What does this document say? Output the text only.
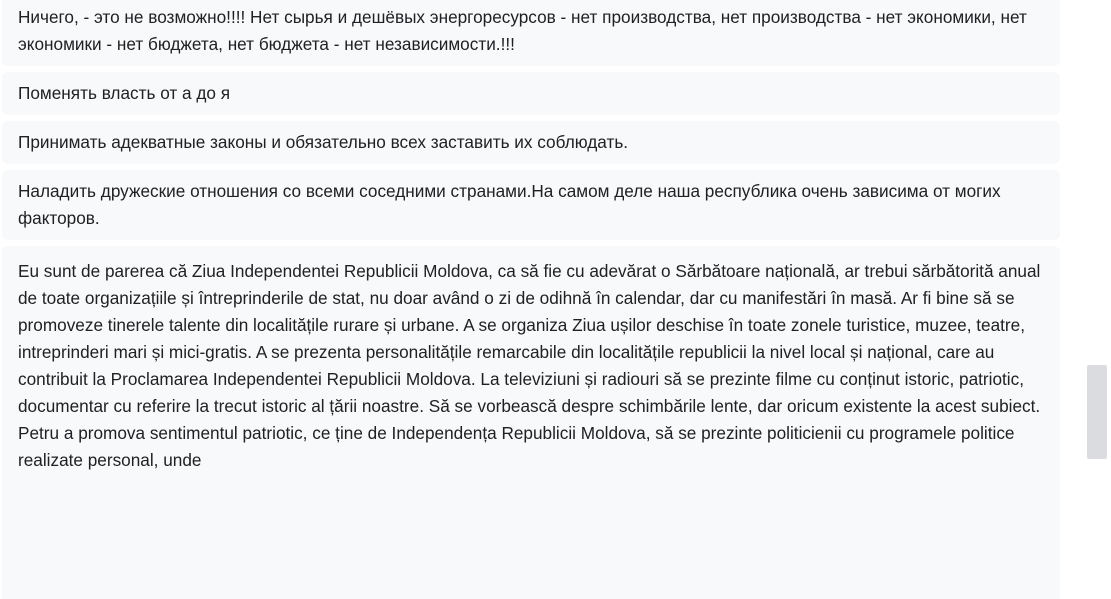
Ничего, - это не возможно!!!! Нет сырья и дешёвых энергоресурсов - нет производства, нет производства - нет экономики, нет экономики - нет бюджета, нет бюджета - нет независимости.!!!
Поменять власть от а до я
Принимать адекватные законы и обязательно всех заставить их соблюдать.
Наладить дружеские отношения со всеми соседними странами.На самом деле наша республика очень зависима от могих факторов.
Eu sunt de parerea că Ziua Independentei Republicii Moldova, ca să fie cu adevărat o Sărbătoare națională, ar trebui sărbătorită anual de toate organizațiile și întreprinderile de stat, nu doar având o zi de odihnă în calendar, dar cu manifestări în masă. Ar fi bine să se promoveze tinerele talente din localitățile rurare și urbane. A se organiza Ziua ușilor deschise în toate zonele turistice, muzee, teatre, intreprinderi mari și mici-gratis. A se prezenta personalitățile remarcabile din localitățile republicii la nivel local și național, care au contribuit la Proclamarea Independentei Republicii Moldova. La televiziuni și radiouri să se prezinte filme cu conținut istoric, patriotic, documentar cu referire la trecut istoric al țării noastre. Să se vorbească despre schimbările lente, dar oricum existente la acest subiect. Petru a promova sentimentul patriotic, ce ține de Independența Republicii Moldova, să se prezinte politicienii cu programele politice realizate personal, unde
